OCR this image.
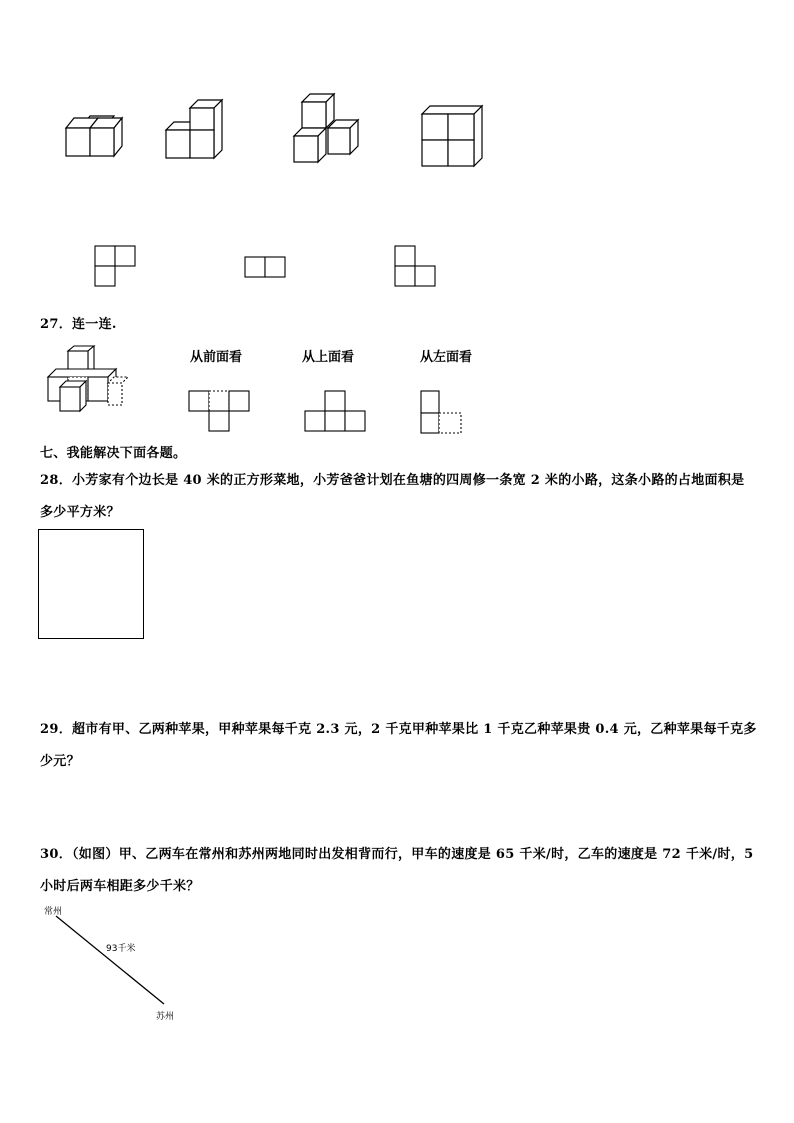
27．连一连.
从前面看	从上面看	从左面看
七、我能解决下面各题。
28．小芳家有个边长是 40 米的正方形菜地，小芳爸爸计划在鱼塘的四周修一条宽 2 米的小路，这条小路的占地面积是
多少平方米？
29．超市有甲、乙两种苹果，甲种苹果每千克 2.3 元，2 千克甲种苹果比 1 千克乙种苹果贵 0.4 元，乙种苹果每千克多
少元？
30．（如图）甲、乙两车在常州和苏州两地同时出发相背而行，甲车的速度是 65 千米/时，乙车的速度是 72 千米/时，5
小时后两车相距多少千米？
常州
93千米
苏州
